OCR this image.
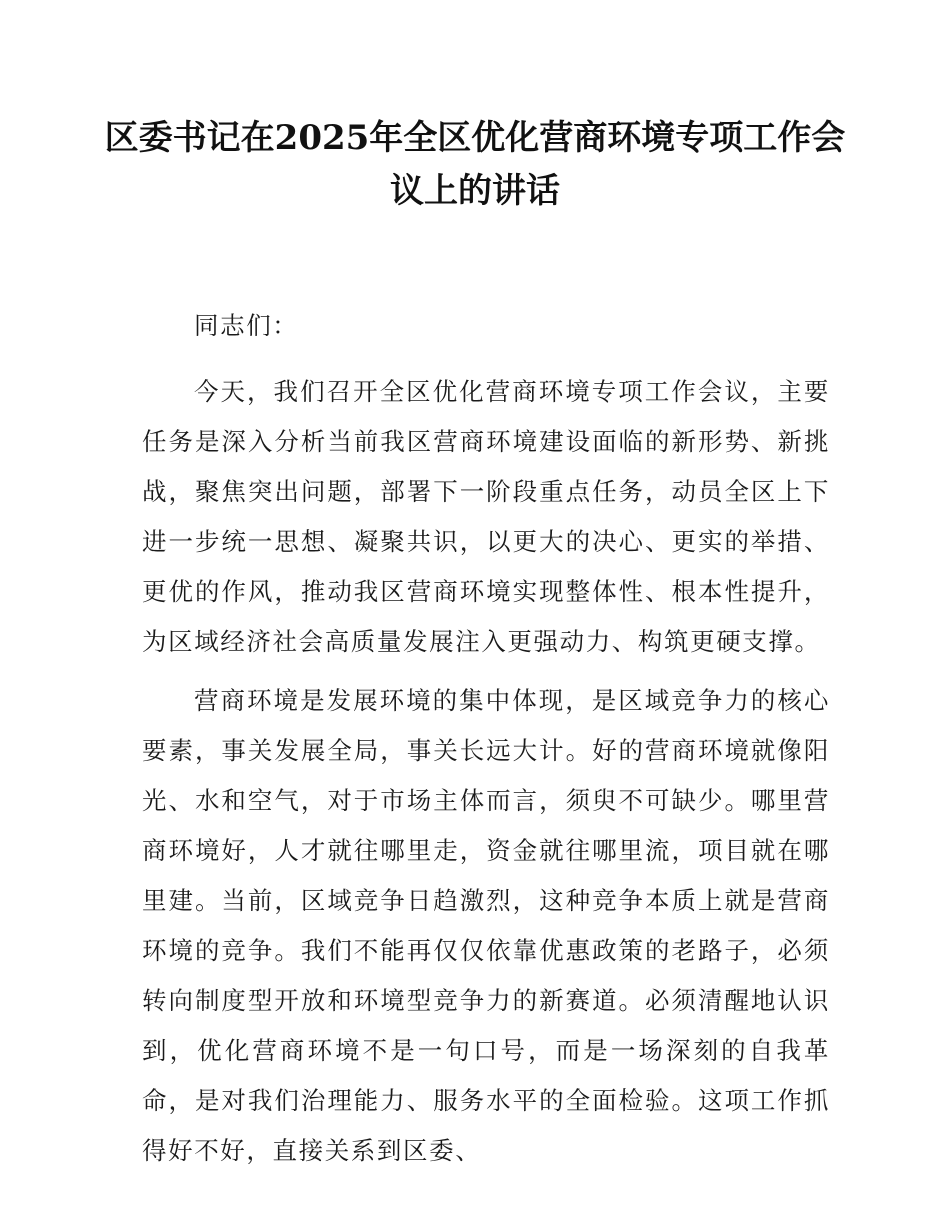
区委书记在2025年全区优化营商环境专项工作会议上的讲话

同志们：

今天，我们召开全区优化营商环境专项工作会议，主要任务是深入分析当前我区营商环境建设面临的新形势、新挑战，聚焦突出问题，部署下一阶段重点任务，动员全区上下进一步统一思想、凝聚共识，以更大的决心、更实的举措、更优的作风，推动我区营商环境实现整体性、根本性提升，为区域经济社会高质量发展注入更强动力、构筑更硬支撑。

营商环境是发展环境的集中体现，是区域竞争力的核心要素，事关发展全局，事关长远大计。好的营商环境就像阳光、水和空气，对于市场主体而言，须臾不可缺少。哪里营商环境好，人才就往哪里走，资金就往哪里流，项目就在哪里建。当前，区域竞争日趋激烈，这种竞争本质上就是营商环境的竞争。我们不能再仅仅依靠优惠政策的老路子，必须转向制度型开放和环境型竞争力的新赛道。必须清醒地认识到，优化营商环境不是一句口号，而是一场深刻的自我革命，是对我们治理能力、服务水平的全面检验。这项工作抓得好不好，直接关系到区委、
